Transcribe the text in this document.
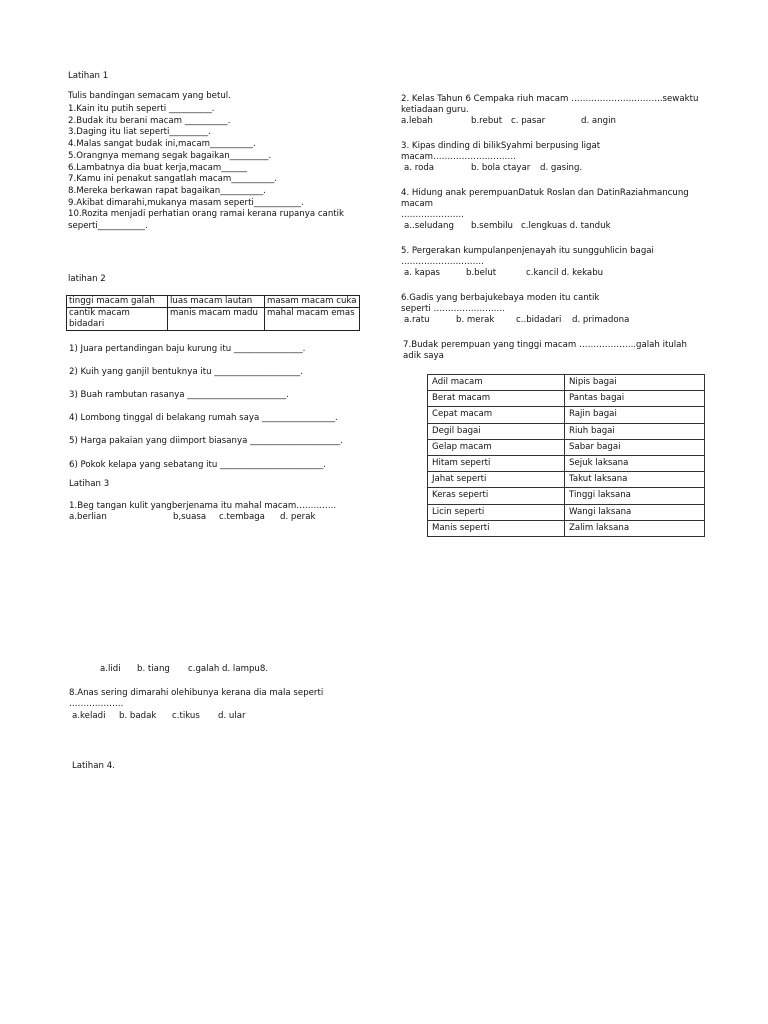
Latihan 1
Tulis bandingan semacam yang betul.
1.Kain itu putih seperti __________.
2.Budak itu berani macam __________.
3.Daging itu liat seperti_________.
4.Malas sangat budak ini,macam__________.
5.Orangnya memang segak bagaikan_________.
6.Lambatnya dia buat kerja,macam______
7.Kamu ini penakut sangatlah macam__________.
8.Mereka berkawan rapat bagaikan__________.
9.Akibat dimarahi,mukanya masam seperti___________.
10.Rozita menjadi perhatian orang ramai kerana rupanya cantik
seperti___________.
latihan 2
tinggi macam galah	luas macam lautan	masam macam cuka

cantik macam bidadari	manis macam madu	mahal macam emas
1) Juara pertandingan baju kurung itu ________________.
2) Kuih yang ganjil bentuknya itu ____________________.
3) Buah rambutan rasanya _______________________.
4) Lombong tinggal di belakang rumah saya _________________.
5) Harga pakaian yang diimport biasanya _____________________.
6) Pokok kelapa yang sebatang itu ________________________.
Latihan 3
1.Beg tangan kulit yangberjenama itu mahal macam…………..
a.berlian	b,suasa c.tembaga d. perak
a.lidi b. tiang c.galah d. lampu8.
8.Anas sering dimarahi olehibunya kerana dia mala seperti
……………….
a.keladi b. badak c.tikus d. ular
Latihan 4.
2. Kelas Tahun 6 Cempaka riuh macam …………………………..sewaktu
ketiadaan guru.
a.lebah	b.rebut c. pasar	d. angin
3. Kipas dinding di bilikSyahmi berpusing ligat
macam………………………..
a. roda	b. bola ctayar d. gasing.
4. Hidung anak perempuanDatuk Roslan dan DatinRaziahmancung
macam
………………….
a..seludang b.sembilu c.lengkuas d. tanduk
5. Pergerakan kumpulanpenjenayah itu sungguhlicin bagai
………………………..
a. kapas	b.belut	c.kancil d. kekabu
6.Gadis yang berbajukebaya moden itu cantik
seperti …………………….
a.ratu	b. merak	c..bidadari d. primadona
7.Budak perempuan yang tinggi macam ………………..galah itulah
adik saya
Adil macam	Nipis bagai
Berat macam	Pantas bagai
Cepat macam	Rajin bagai
Degil bagai	Riuh bagai
Gelap macam	Sabar bagai
Hitam seperti	Sejuk laksana
Jahat seperti	Takut laksana
Keras seperti	Tinggi laksana
Licin seperti	Wangi laksana
Manis seperti	Zalim laksana
